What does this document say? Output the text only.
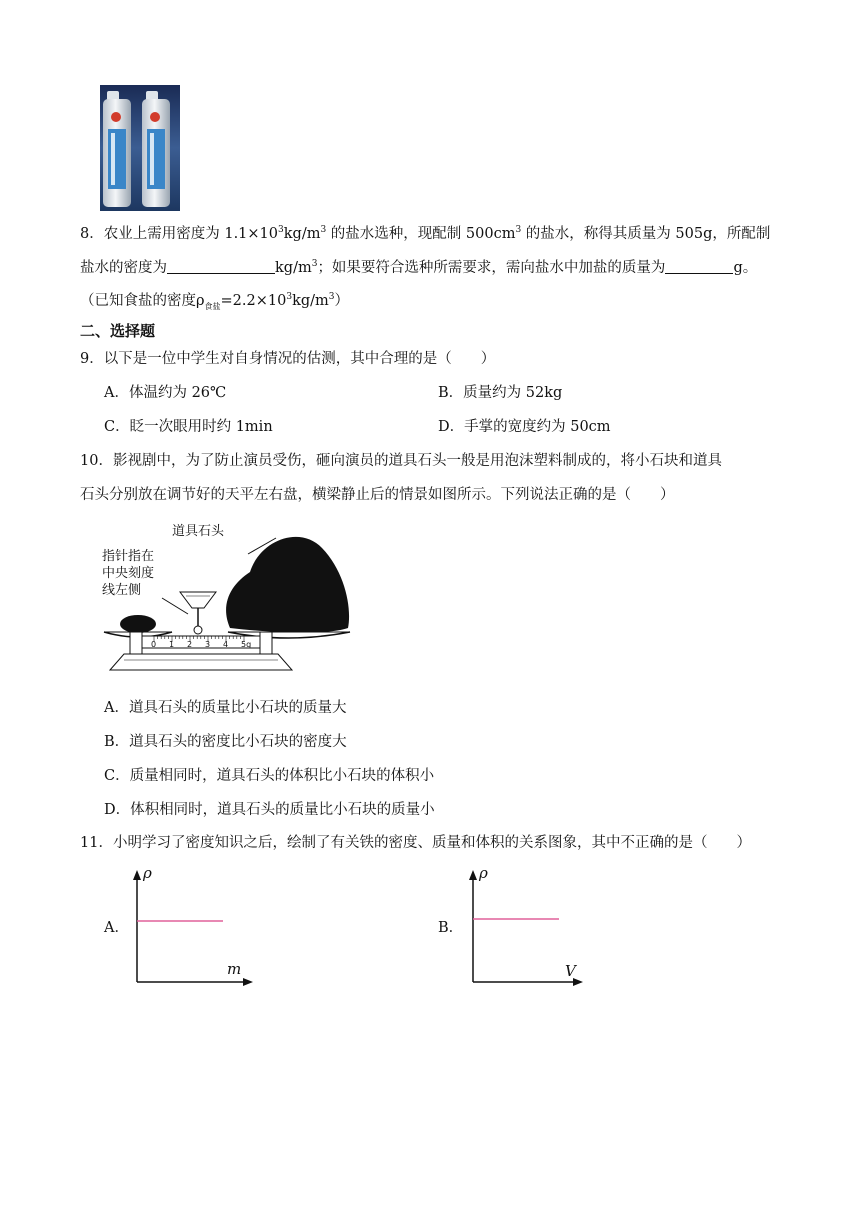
8．农业上需用密度为 $1.1\times 10^3kg/m^3$ 的盐水选种，现配制 $500cm^3$ 的盐水，称得其质量为 505g，所配制
盐水的密度为	$kg/m^3$；如果要符合选种所需要求，需向盐水中加盐的质量为	g。
（已知食盐的密度$\rho_{食盐}=2.2\times 10^3kg/m^3$）
二、选择题
9．以下是一位中学生对自身情况的估测，其中合理的是（　　）
A．体温约为 26℃	B．质量约为 52kg
C．眨一次眼用时约 1min	D．手掌的宽度约为 50cm
10．影视剧中，为了防止演员受伤，砸向演员的道具石头一般是用泡沫塑料制成的，将小石块和道具
石头分别放在调节好的天平左右盘，横梁静止后的情景如图所示。下列说法正确的是（　　）
道具石头
指针指在
中央刻度
线左侧
0 1 2 3 4 5g
A．道具石头的质量比小石块的质量大
B．道具石头的密度比小石块的密度大
C．质量相同时，道具石头的体积比小石块的体积小
D．体积相同时，道具石头的质量比小石块的质量小
11．小明学习了密度知识之后，绘制了有关铁的密度、质量和体积的关系图象，其中不正确的是（　　）
A．
ρ
m
B．
ρ
V
